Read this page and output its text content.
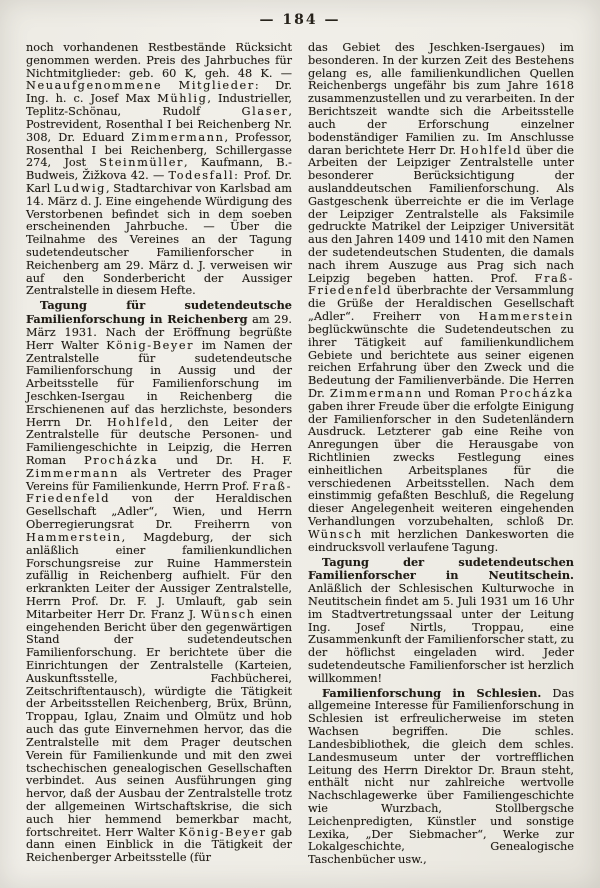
— 184 —

noch vorhandenen Restbestände Rücksicht genommen werden. Preis des Jahrbuches für Nichtmitglieder: geb. 60 K, geh. 48 K. — Neuaufgenommene Mitglieder: Dr. Ing. h. c. Josef Max Mühlig, Industrieller, Teplitz-Schönau, Rudolf Glaser, Postrevident, Rosenthal I bei Reichenberg Nr. 308, Dr. Eduard Zimmermann, Professor, Rosenthal I bei Reichenberg, Schillergasse 274, Jost Steinmüller, Kaufmann, B.-Budweis, Žižkova 42. — Todesfall: Prof. Dr. Karl Ludwig, Stadtarchivar von Karlsbad am 14. März d. J. Eine eingehende Würdigung des Verstorbenen befindet sich in dem soeben erscheinenden Jahrbuche. — Über die Teilnahme des Vereines an der Tagung sudetendeutscher Familienforscher in Reichenberg am 29. März d. J. verweisen wir auf den Sonderbericht der Aussiger Zentralstelle in diesem Hefte.

Tagung für sudetendeutsche Familienforschung in Reichenberg am 29. März 1931. Nach der Eröffnung begrüßte Herr Walter König-Beyer im Namen der Zentralstelle für sudetendeutsche Familienforschung in Aussig und der Arbeitsstelle für Familienforschung im Jeschken-Isergau in Reichenberg die Erschienenen auf das herzlichste, besonders Herrn Dr. Hohlfeld, den Leiter der Zentralstelle für deutsche Personen- und Familiengeschichte in Leipzig, die Herren Roman Procházka und Dr. H. F. Zimmermann als Vertreter des Prager Vereins für Familienkunde, Herrn Prof. Fraß-Friedenfeld von der Heraldischen Gesellschaft „Adler“, Wien, und Herrn Oberregierungsrat Dr. Freiherrn von Hammerstein, Magdeburg, der sich anläßlich einer familienkundlichen Forschungsreise zur Ruine Hammerstein zufällig in Reichenberg aufhielt. Für den erkrankten Leiter der Aussiger Zentralstelle, Herrn Prof. Dr. F. J. Umlauft, gab sein Mitarbeiter Herr Dr. Franz J. Wünsch einen eingehenden Bericht über den gegenwärtigen Stand der sudetendeutschen Familienforschung. Er berichtete über die Einrichtungen der Zentralstelle (Karteien, Auskunftsstelle, Fachbücherei, Zeitschriftentausch), würdigte die Tätigkeit der Arbeitsstellen Reichenberg, Brüx, Brünn, Troppau, Iglau, Znaim und Olmütz und hob auch das gute Einvernehmen hervor, das die Zentralstelle mit dem Prager deutschen Verein für Familienkunde und mit den zwei tschechischen genealogischen Gesellschaften verbindet. Aus seinen Ausführungen ging hervor, daß der Ausbau der Zentralstelle trotz der allgemeinen Wirtschaftskrise, die sich auch hier hemmend bemerkbar macht, fortschreitet. Herr Walter König-Beyer gab dann einen Einblick in die Tätigkeit der Reichenberger Arbeitsstelle (für

das Gebiet des Jeschken-Isergaues) im besonderen. In der kurzen Zeit des Bestehens gelang es, alle familienkundlichen Quellen Reichenbergs ungefähr bis zum Jahre 1618 zusammenzustellen und zu verarbeiten. In der Berichtszeit wandte sich die Arbeitsstelle auch der Erforschung einzelner bodenständiger Familien zu. Im Anschlusse daran berichtete Herr Dr. Hohlfeld über die Arbeiten der Leipziger Zentralstelle unter besonderer Berücksichtigung der auslanddeutschen Familienforschung. Als Gastgeschenk überreichte er die im Verlage der Leipziger Zentralstelle als Faksimile gedruckte Matrikel der Leipziger Universität aus den Jahren 1409 und 1410 mit den Namen der sudetendeutschen Studenten, die damals nach ihrem Auszuge aus Prag sich nach Leipzig begeben hatten. Prof. Fraß-Friedenfeld überbrachte der Versammlung die Grüße der Heraldischen Gesellschaft „Adler“. Freiherr von Hammerstein beglückwünschte die Sudetendeutschen zu ihrer Tätigkeit auf familienkundlichem Gebiete und berichtete aus seiner eigenen reichen Erfahrung über den Zweck und die Bedeutung der Familienverbände. Die Herren Dr. Zimmermann und Roman Procházka gaben ihrer Freude über die erfolgte Einigung der Familienforscher in den Sudetenländern Ausdruck. Letzterer gab eine Reihe von Anregungen über die Herausgabe von Richtlinien zwecks Festlegung eines einheitlichen Arbeitsplanes für die verschiedenen Arbeitsstellen. Nach dem einstimmig gefaßten Beschluß, die Regelung dieser Angelegenheit weiteren eingehenden Verhandlungen vorzubehalten, schloß Dr. Wünsch mit herzlichen Dankesworten die eindrucksvoll verlaufene Tagung.

Tagung der sudetendeutschen Familienforscher in Neutitschein. Anläßlich der Schlesischen Kulturwoche in Neutitschein findet am 5. Juli 1931 um 16 Uhr im Stadtvertretungssaal unter der Leitung Ing. Josef Nirtls, Troppau, eine Zusammenkunft der Familienforscher statt, zu der höflichst eingeladen wird. Jeder sudetendeutsche Familienforscher ist herzlich willkommen!

Familienforschung in Schlesien. Das allgemeine Interesse für Familienforschung in Schlesien ist erfreulicherweise im steten Wachsen begriffen. Die schles. Landesbibliothek, die gleich dem schles. Landesmuseum unter der vortrefflichen Leitung des Herrn Direktor Dr. Braun steht, enthält nicht nur zahlreiche wertvolle Nachschlagewerke über Familiengeschichte wie Wurzbach, Stollbergsche Leichenpredigten, Künstler und sonstige Lexika, „Der Siebmacher“, Werke zur Lokalgeschichte, Genealogische Taschenbücher usw.,
